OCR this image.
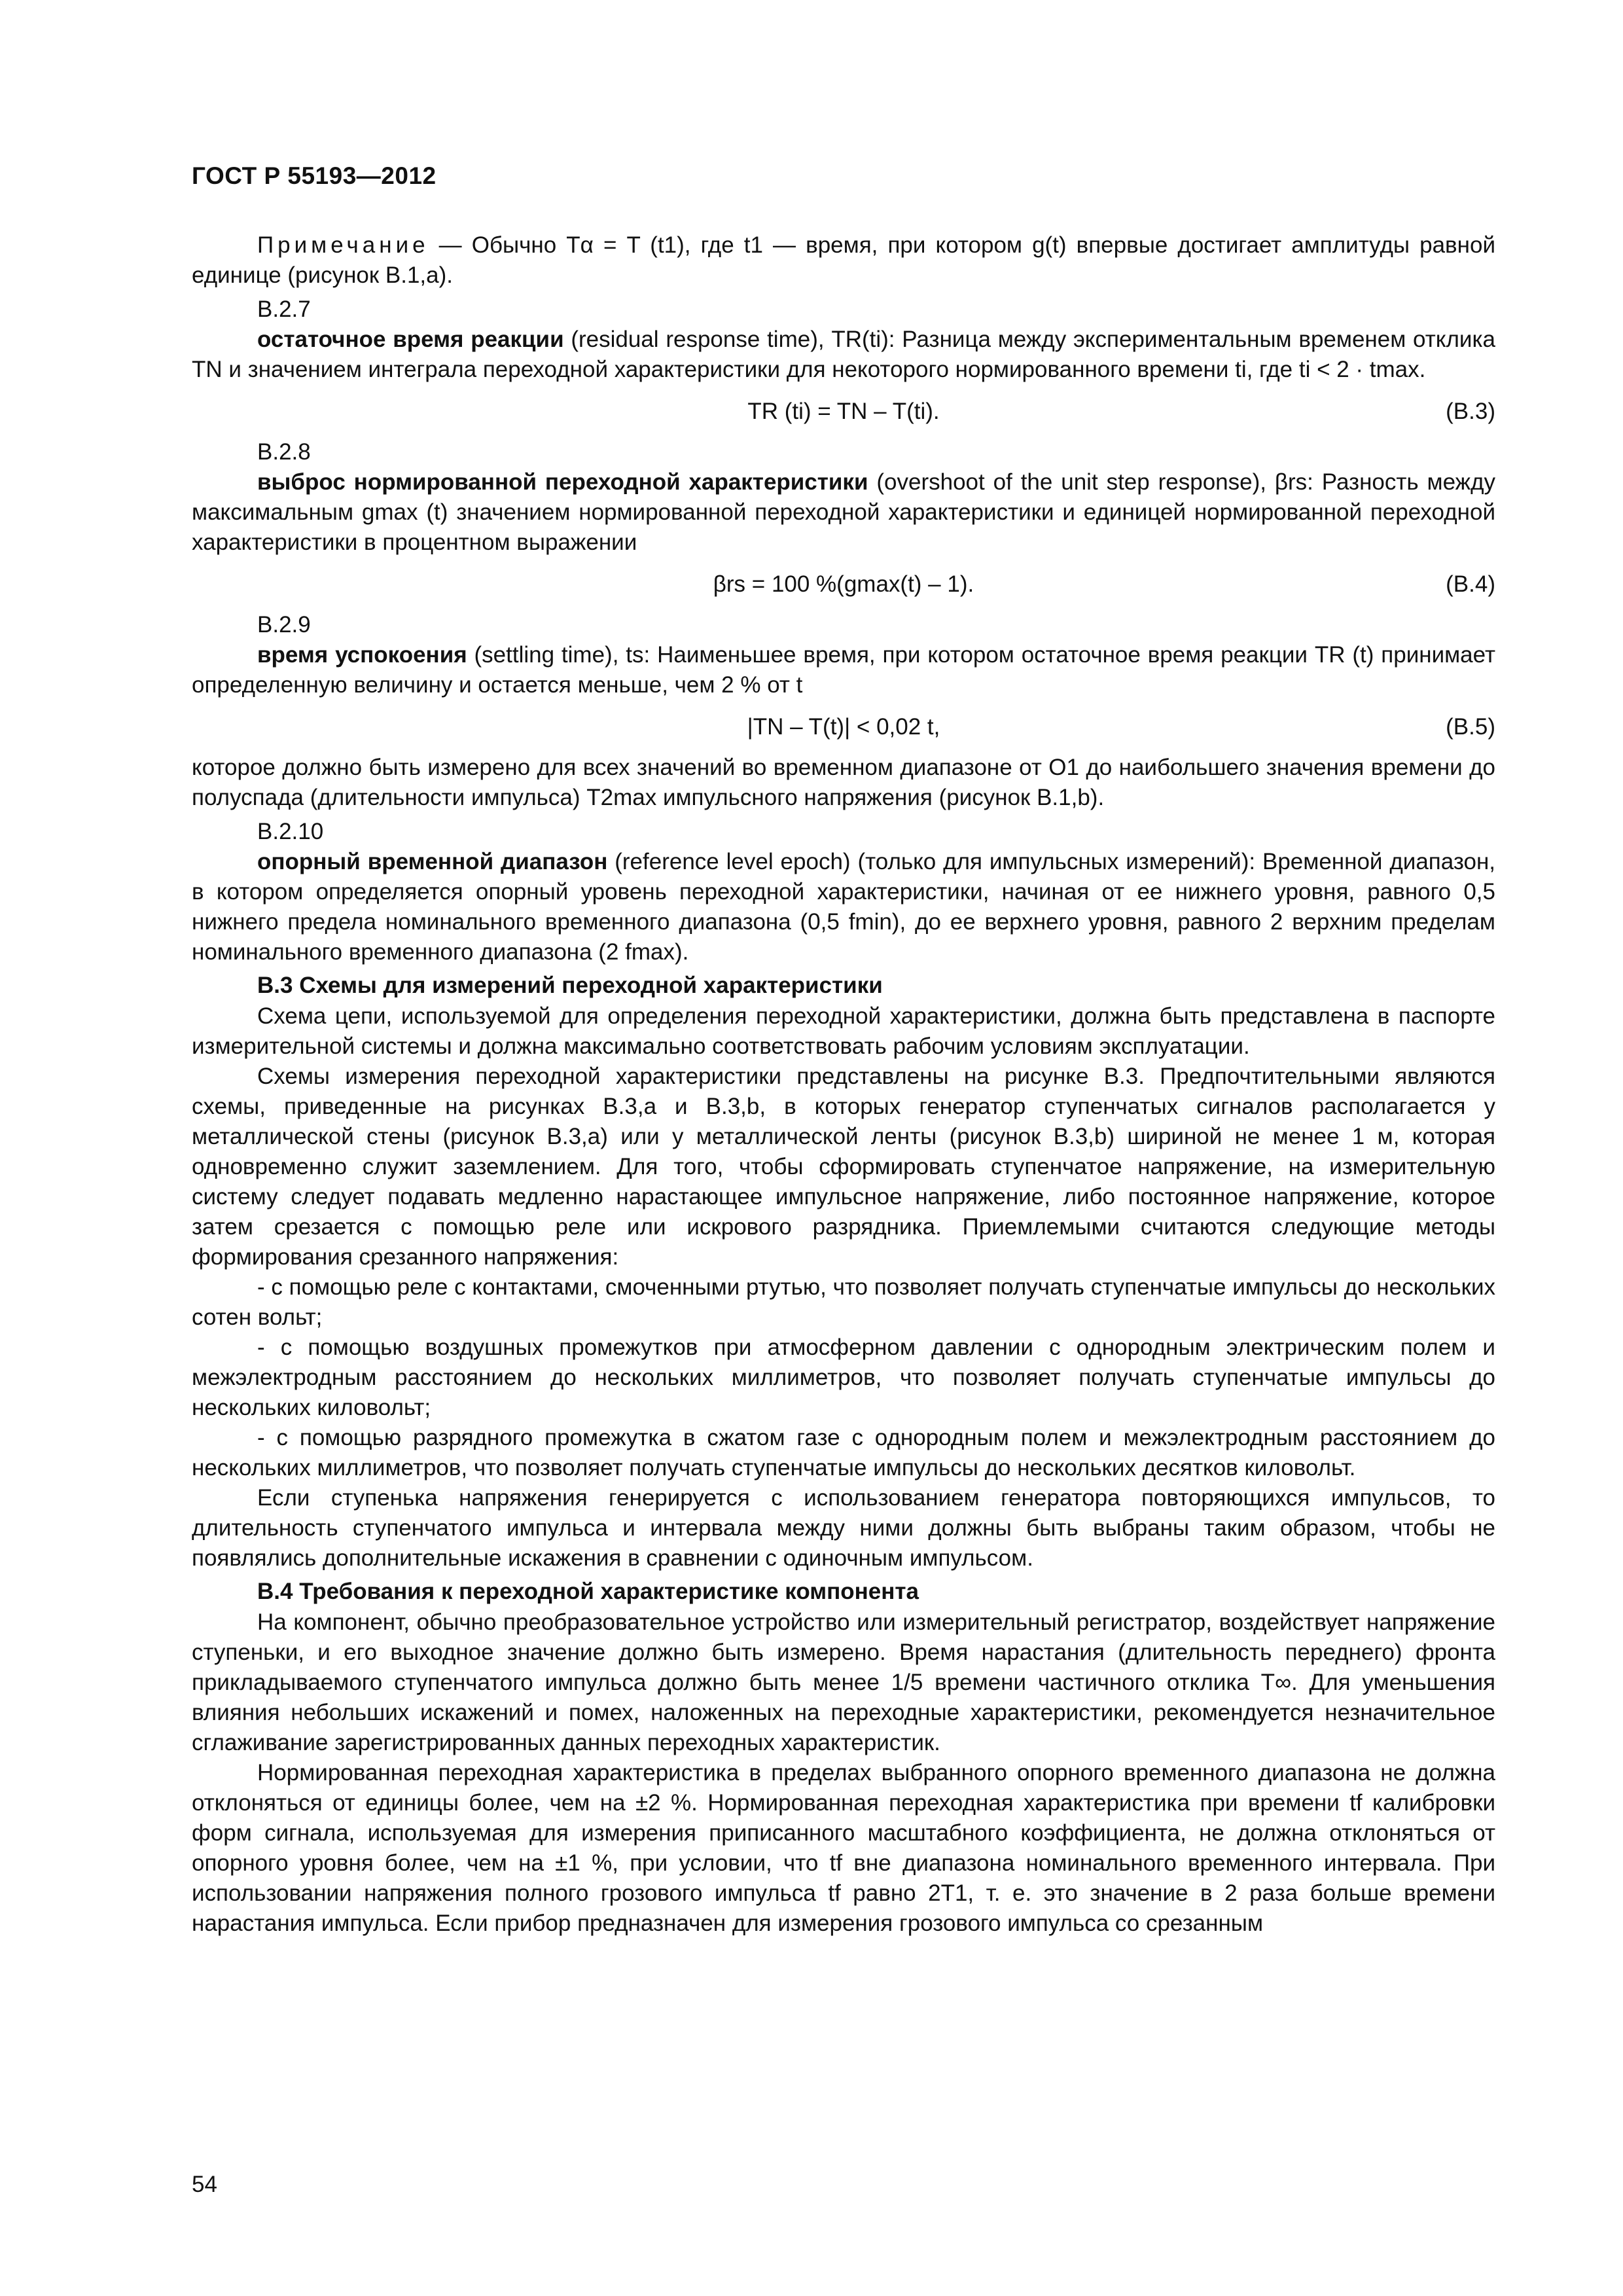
ГОСТ Р 55193—2012

Примечание — Обычно Tα = T (t1), где t1 — время, при котором g(t) впервые достигает амплитуды равной единице (рисунок B.1,a).

B.2.7

остаточное время реакции (residual response time), TR(ti): Разница между экспериментальным временем отклика TN и значением интеграла переходной характеристики для некоторого нормированного времени ti, где ti < 2 · tmax.

TR (ti) = TN – T(ti).	(B.3)

B.2.8

выброс нормированной переходной характеристики (overshoot of the unit step response), βrs: Разность между максимальным gmax (t) значением нормированной переходной характеристики и единицей нормированной переходной характеристики в процентном выражении

βrs = 100 %(gmax(t) – 1).	(B.4)

B.2.9

время успокоения (settling time), ts: Наименьшее время, при котором остаточное время реакции TR (t) принимает определенную величину и остается меньше, чем 2 % от t

|TN – T(t)| < 0,02 t,	(B.5)

которое должно быть измерено для всех значений во временном диапазоне от O1 до наибольшего значения времени до полуспада (длительности импульса) T2max импульсного напряжения (рисунок B.1,b).

B.2.10

опорный временной диапазон (reference level epoch) (только для импульсных измерений): Временной диапазон, в котором определяется опорный уровень переходной характеристики, начиная от ее нижнего уровня, равного 0,5 нижнего предела номинального временного диапазона (0,5 fmin), до ее верхнего уровня, равного 2 верхним пределам номинального временного диапазона (2 fmax).

B.3 Схемы для измерений переходной характеристики

Схема цепи, используемой для определения переходной характеристики, должна быть представлена в паспорте измерительной системы и должна максимально соответствовать рабочим условиям эксплуатации.

Схемы измерения переходной характеристики представлены на рисунке B.3. Предпочтительными являются схемы, приведенные на рисунках B.3,a и B.3,b, в которых генератор ступенчатых сигналов располагается у металлической стены (рисунок B.3,a) или у металлической ленты (рисунок B.3,b) шириной не менее 1 м, которая одновременно служит заземлением. Для того, чтобы сформировать ступенчатое напряжение, на измерительную систему следует подавать медленно нарастающее импульсное напряжение, либо постоянное напряжение, которое затем срезается с помощью реле или искрового разрядника. Приемлемыми считаются следующие методы формирования срезанного напряжения:

- с помощью реле с контактами, смоченными ртутью, что позволяет получать ступенчатые импульсы до нескольких сотен вольт;

- с помощью воздушных промежутков при атмосферном давлении с однородным электрическим полем и межэлектродным расстоянием до нескольких миллиметров, что позволяет получать ступенчатые импульсы до нескольких киловольт;

- с помощью разрядного промежутка в сжатом газе с однородным полем и межэлектродным расстоянием до нескольких миллиметров, что позволяет получать ступенчатые импульсы до нескольких десятков киловольт.

Если ступенька напряжения генерируется с использованием генератора повторяющихся импульсов, то длительность ступенчатого импульса и интервала между ними должны быть выбраны таким образом, чтобы не появлялись дополнительные искажения в сравнении с одиночным импульсом.

B.4 Требования к переходной характеристике компонента

На компонент, обычно преобразовательное устройство или измерительный регистратор, воздействует напряжение ступеньки, и его выходное значение должно быть измерено. Время нарастания (длительность переднего) фронта прикладываемого ступенчатого импульса должно быть менее 1/5 времени частичного отклика T∞. Для уменьшения влияния небольших искажений и помех, наложенных на переходные характеристики, рекомендуется незначительное сглаживание зарегистрированных данных переходных характеристик.

Нормированная переходная характеристика в пределах выбранного опорного временного диапазона не должна отклоняться от единицы более, чем на ±2 %. Нормированная переходная характеристика при времени tf калибровки форм сигнала, используемая для измерения приписанного масштабного коэффициента, не должна отклоняться от опорного уровня более, чем на ±1 %, при условии, что tf вне диапазона номинального временного интервала. При использовании напряжения полного грозового импульса tf равно 2T1, т. е. это значение в 2 раза больше времени нарастания импульса. Если прибор предназначен для измерения грозового импульса со срезанным

54
